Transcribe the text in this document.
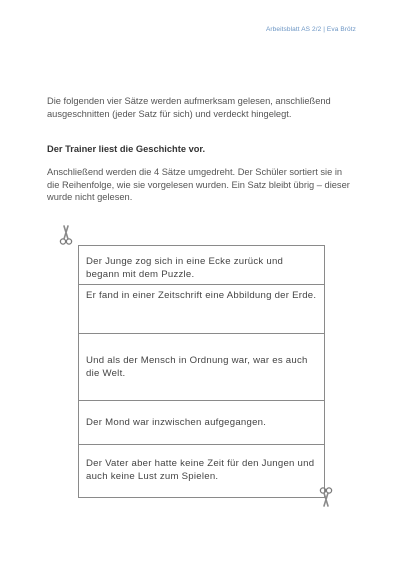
Arbeitsblatt AS 2/2 | Eva Brötz

Die folgenden vier Sätze werden aufmerksam gelesen, anschließend ausgeschnitten (jeder Satz für sich) und verdeckt hingelegt.

Der Trainer liest die Geschichte vor.

Anschließend werden die 4 Sätze umgedreht. Der Schüler sortiert sie in die Reihenfolge, wie sie vorgelesen wurden. Ein Satz bleibt übrig – dieser wurde nicht gelesen.

Der Junge zog sich in eine Ecke zurück und begann mit dem Puzzle.
Er fand in einer Zeitschrift eine Abbildung der Erde.
Und als der Mensch in Ordnung war, war es auch die Welt.
Der Mond war inzwischen aufgegangen.
Der Vater aber hatte keine Zeit für den Jungen und auch keine Lust zum Spielen.
